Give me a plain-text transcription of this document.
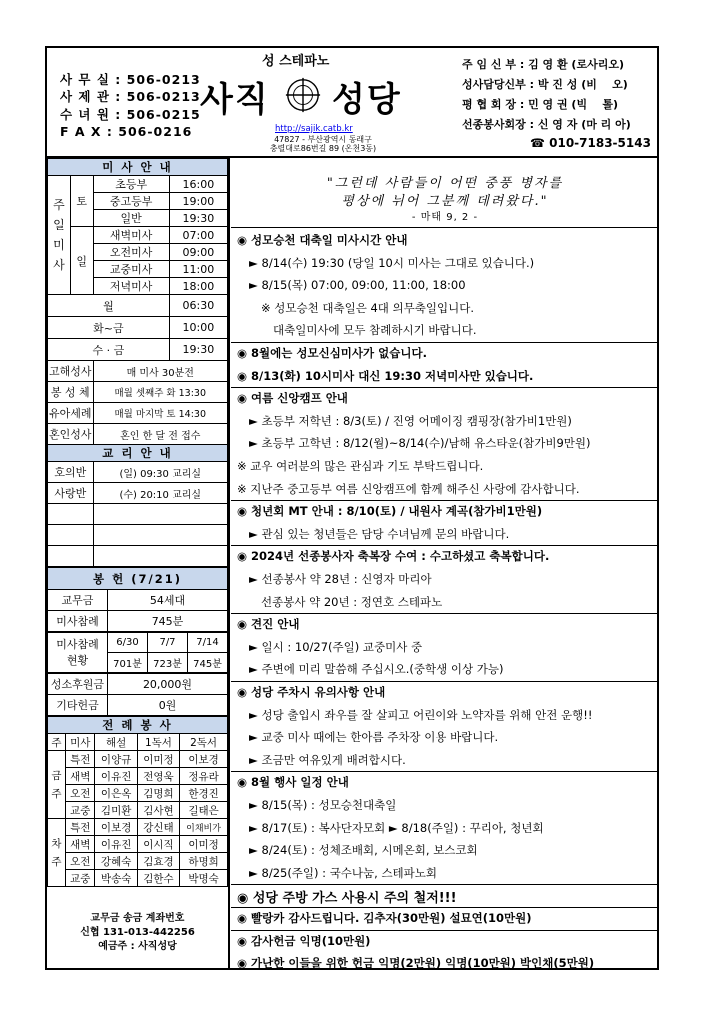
사 무 실 : 506-0213
사 제 관 : 506-0213
수 녀 원 : 506-0215
F A X : 506-0216
성 스테파노
사직 성당
http://sajik.catb.kr
47827 - 부산광역시 동래구
충렬대로86번길 89 (온천3동)
주 임 신 부 : 김 영 환 (로사리오)
성사담당신부 : 박 진 성 (비    오)
평 협 회 장 : 민 영 권 (빅    톨)
선종봉사회장 : 신 영 자 (마 리 아)
☎ 010-7183-5143
미 사 안 내			
주일미사	토	초등부	16:00
		중고등부	19:00
		일반	19:30
	일	새벽미사	07:00
		오전미사	09:00
		교중미사	11:00
		저녁미사	18:00
월			06:30
화~금			10:00
수 · 금			19:30
고해성사		매 미사 30분전	
봉 성 체		매월 셋째주 화 13:30	
유아세례		매월 마지막 토 14:30	
혼인성사		혼인 한 달 전 접수	
교 리 안 내			
호의반		(일) 09:30 교리실	
사랑반		(수) 20:10 교리실	

봉 헌 (7/21)	
교무금	54세대
미사참례	745분
미사참례
현황	6/30	7/7	7/14
	701분	723분	745분
성소후원금	20,000원
기타헌금	0원
전 례 봉 사				
주	미사	해설	1독서	2독서
금주	특전	이양규	이미정	이보경
	새벽	이유진	전영욱	정유라
	오전	이은옥	김명희	한경진
	교중	김미환	김사현	길태은
차주	특전	이보경	강신태	이채비가
	새벽	이유진	이시직	이미정
	오전	강혜숙	김효경	하명희
	교중	박송숙	김한수	박명숙
교무금 송금 계좌번호
신협 131-013-442256
예금주 : 사직성당
"그런데 사람들이 어떤 중풍 병자를
평상에 뉘어 그분께 데려왔다."
- 마태 9, 2 -
◉ 성모승천 대축일 미사시간 안내
► 8/14(수) 19:30 (당일 10시 미사는 그대로 있습니다.)
► 8/15(목) 07:00, 09:00, 11:00, 18:00
※ 성모승천 대축일은 4대 의무축일입니다.
대축일미사에 모두 참례하시기 바랍니다.
◉ 8월에는 성모신심미사가 없습니다.
◉ 8/13(화) 10시미사 대신 19:30 저녁미사만 있습니다.
◉ 여름 신앙캠프 안내
► 초등부 저학년 : 8/3(토) / 진영 어메이징 캠핑장(참가비1만원)
► 초등부 고학년 : 8/12(월)~8/14(수)/남해 유스타운(참가비9만원)
※ 교우 여러분의 많은 관심과 기도 부탁드립니다.
※ 지난주 중고등부 여름 신앙캠프에 함께 해주신 사랑에 감사합니다.
◉ 청년회 MT 안내 : 8/10(토) / 내원사 계곡(참가비1만원)
► 관심 있는 청년들은 담당 수녀님께 문의 바랍니다.
◉ 2024년 선종봉사자 축복장 수여 : 수고하셨고 축복합니다.
► 선종봉사 약 28년 : 신영자 마리아
선종봉사 약 20년 : 정연호 스테파노
◉ 견진 안내
► 일시 : 10/27(주일) 교중미사 중
► 주변에 미리 말씀해 주십시오.(중학생 이상 가능)
◉ 성당 주차시 유의사항 안내
► 성당 출입시 좌우를 잘 살피고 어린이와 노약자를 위해 안전 운행!!
► 교중 미사 때에는 한아름 주차장 이용 바랍니다.
► 조금만 여유있게 배려합시다.
◉ 8월 행사 일정 안내
► 8/15(목) : 성모승천대축일
► 8/17(토) : 복사단자모회 ► 8/18(주일) : 꾸리아, 청년회
► 8/24(토) : 성체조배회, 시메온회, 보스코회
► 8/25(주일) : 국수나눔, 스테파노회
◉ 성당 주방 가스 사용시 주의 철저!!!
◉ 빨랑카 감사드립니다. 김추자(30만원) 설묘연(10만원)
◉ 감사헌금 익명(10만원)
◉ 가난한 이들을 위한 헌금 익명(2만원) 익명(10만원) 박인채(5만원)
